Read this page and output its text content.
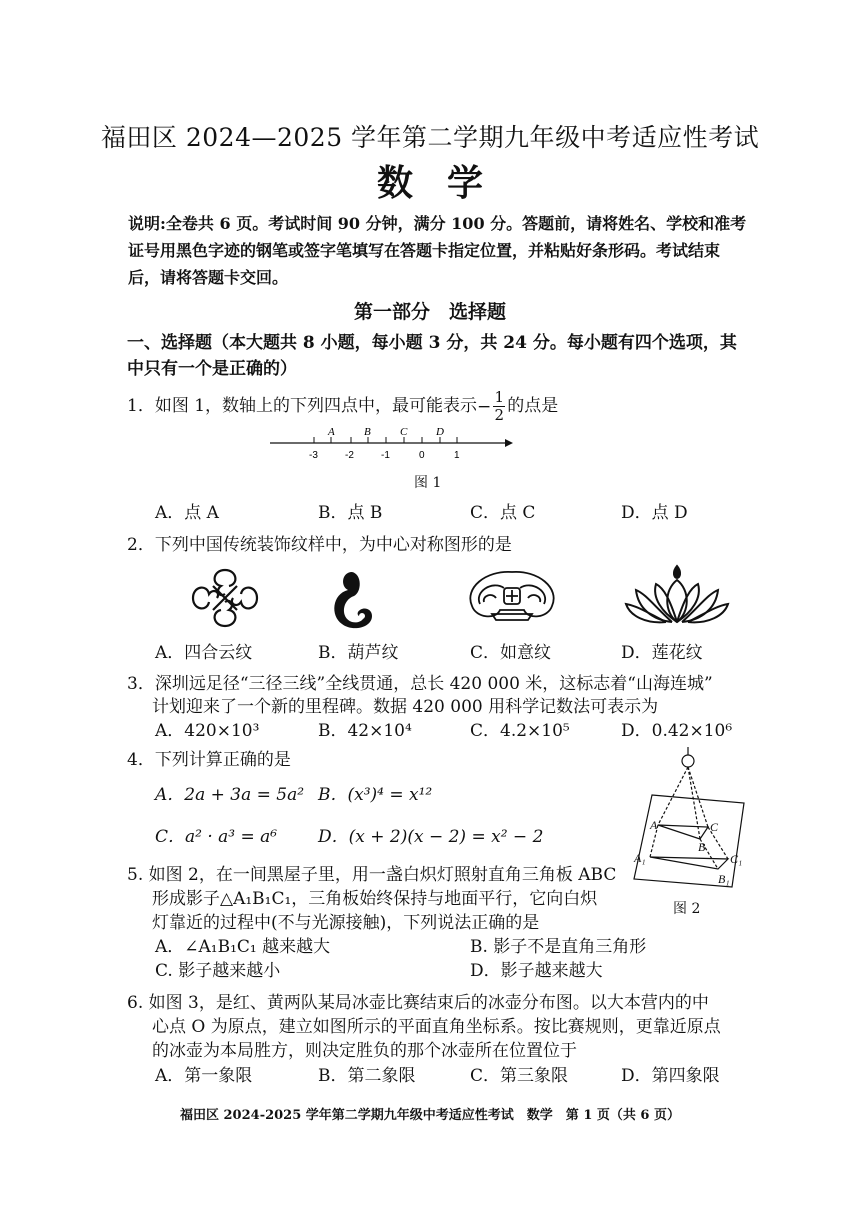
福田区 2024—2025 学年第二学期九年级中考适应性考试
数学
说明:全卷共 6 页。考试时间 90 分钟，满分 100 分。答题前，请将姓名、学校和准考证号用黑色字迹的钢笔或签字笔填写在答题卡指定位置，并粘贴好条形码。考试结束后，请将答题卡交回。
第一部分　选择题
一、选择题（本大题共 8 小题，每小题 3 分，共 24 分。每小题有四个选项，其中只有一个是正确的）
1．如图 1，数轴上的下列四点中，最可能表示 − $\frac{1}{2}$ 的点是
A	B	C	D
-3	-2	-1	0	1
图 1
A．点 A	B．点 B	C．点 C	D．点 D
2．下列中国传统装饰纹样中，为中心对称图形的是
A．四合云纹	B．葫芦纹	C．如意纹	D．莲花纹
3．深圳远足径“三径三线”全线贯通，总长 420 000 米，这标志着“山海连城”
计划迎来了一个新的里程碑。数据 420 000 用科学记数法可表示为
A．420×10³	B．42×10⁴	C．4.2×10⁵	D．0.42×10⁶
4．下列计算正确的是
A．2a + 3a = 5a² B．(x³)⁴ = x¹²
C．a² · a³ = a⁶ D．(x + 2)(x − 2) = x² − 2
A	C
B
A₁	C₁
B₁
图 2
5. 如图 2，在一间黑屋子里，用一盏白炽灯照射直角三角板 ABC
形成影子△A₁B₁C₁，三角板始终保持与地面平行，它向白炽
灯靠近的过程中(不与光源接触)，下列说法正确的是
A．∠A₁B₁C₁ 越来越大	B. 影子不是直角三角形
C. 影子越来越小	D．影子越来越大
6. 如图 3，是红、黄两队某局冰壶比赛结束后的冰壶分布图。以大本营内的中
心点 O 为原点，建立如图所示的平面直角坐标系。按比赛规则，更靠近原点
的冰壶为本局胜方，则决定胜负的那个冰壶所在位置位于
A．第一象限	B．第二象限	C．第三象限	D．第四象限
福田区 2024-2025 学年第二学期九年级中考适应性考试　数学　第 1 页（共 6 页）
